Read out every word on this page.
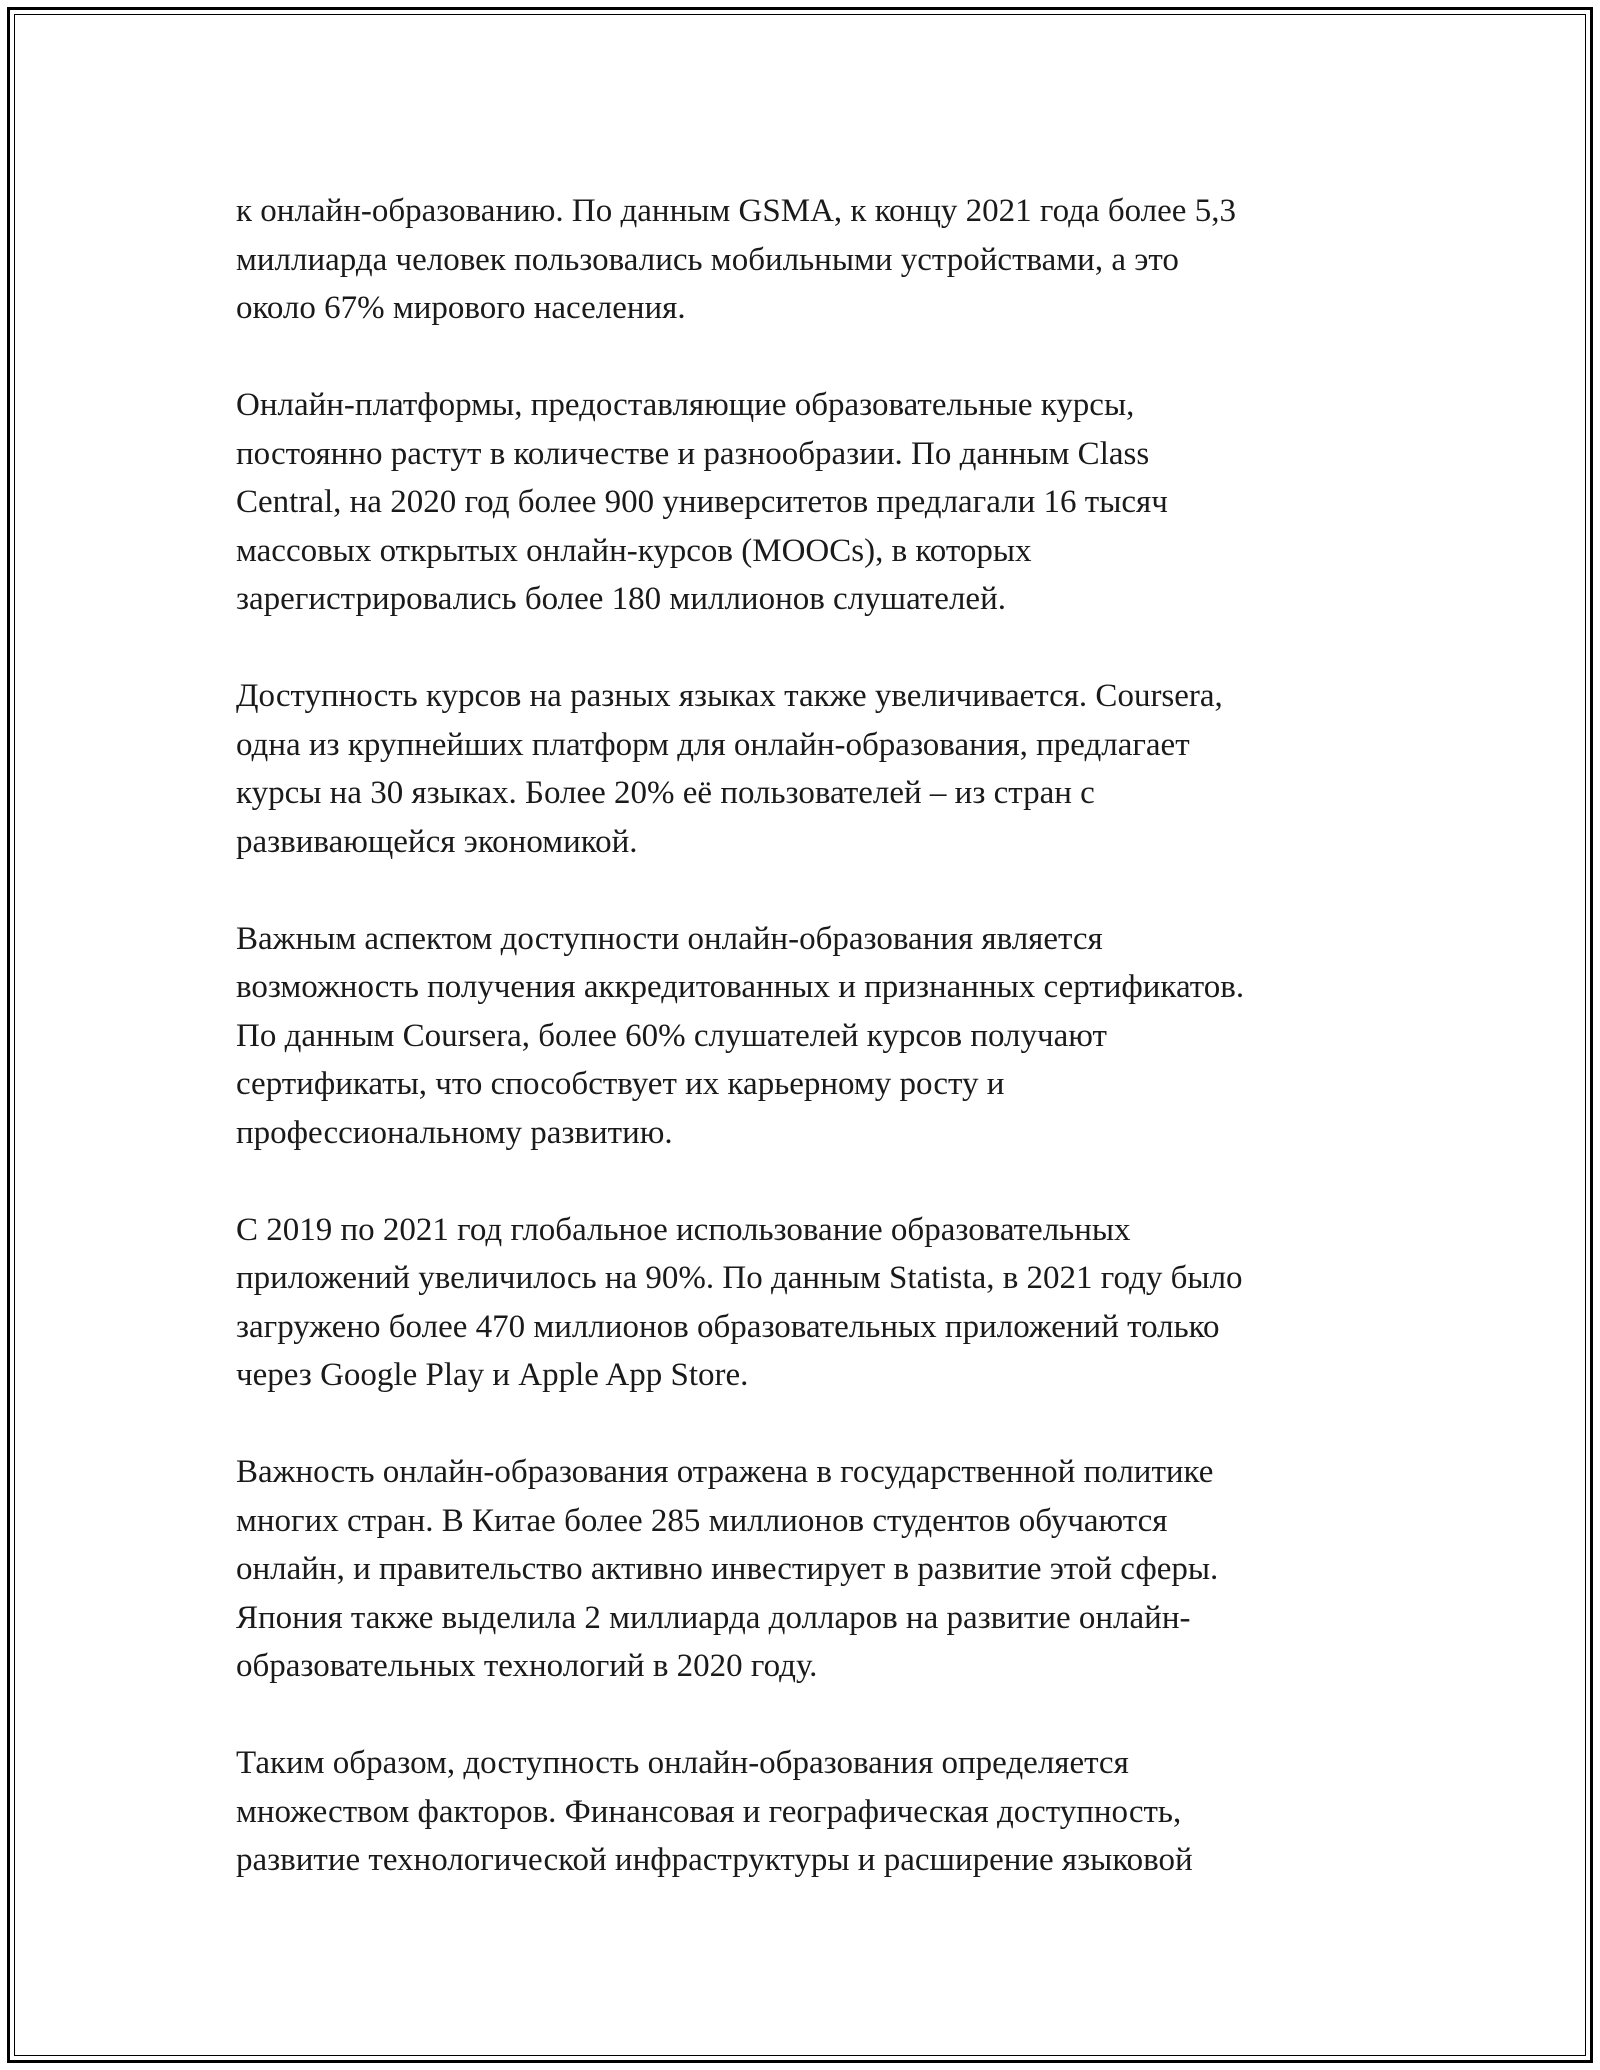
к онлайн-образованию. По данным GSMA, к концу 2021 года более 5,3
миллиарда человек пользовались мобильными устройствами, а это
около 67% мирового населения.

Онлайн-платформы, предоставляющие образовательные курсы,
постоянно растут в количестве и разнообразии. По данным Class
Central, на 2020 год более 900 университетов предлагали 16 тысяч
массовых открытых онлайн-курсов (MOOCs), в которых
зарегистрировались более 180 миллионов слушателей.

Доступность курсов на разных языках также увеличивается. Coursera,
одна из крупнейших платформ для онлайн-образования, предлагает
курсы на 30 языках. Более 20% её пользователей – из стран с
развивающейся экономикой.

Важным аспектом доступности онлайн-образования является
возможность получения аккредитованных и признанных сертификатов.
По данным Coursera, более 60% слушателей курсов получают
сертификаты, что способствует их карьерному росту и
профессиональному развитию.

С 2019 по 2021 год глобальное использование образовательных
приложений увеличилось на 90%. По данным Statista, в 2021 году было
загружено более 470 миллионов образовательных приложений только
через Google Play и Apple App Store.

Важность онлайн-образования отражена в государственной политике
многих стран. В Китае более 285 миллионов студентов обучаются
онлайн, и правительство активно инвестирует в развитие этой сферы.
Япония также выделила 2 миллиарда долларов на развитие онлайн-
образовательных технологий в 2020 году.

Таким образом, доступность онлайн-образования определяется
множеством факторов. Финансовая и географическая доступность,
развитие технологической инфраструктуры и расширение языковой
